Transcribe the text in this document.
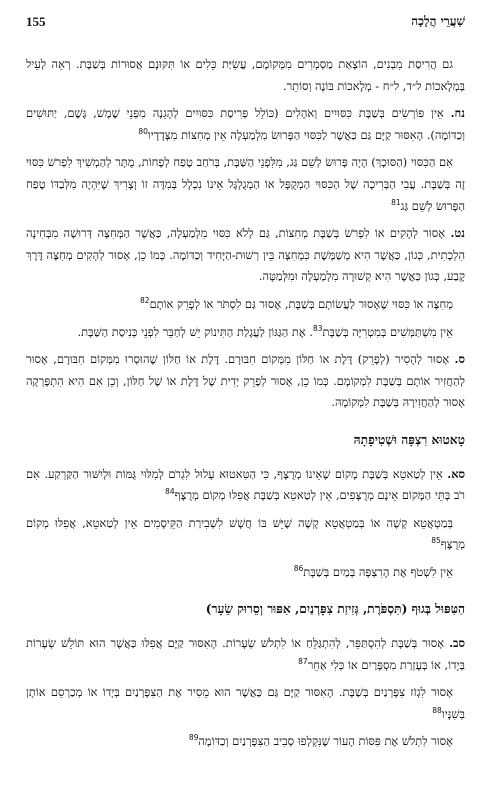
155	שַׁעֲרֵי הֲלָכָה

גם הֲרִיסַת מִבְנִים, הוֹצָאַת מַסְמְרִים מִמְּקוֹמָם, עֲשִׂיַּת כֵּלִים אוֹ תִּקּוּנָם אֲסוּרוֹת בְּשַׁבָּת. רְאֵה לְעֵיל בְּמְלָאכוֹת ל״ד, ל״ח - מְלָאכוֹת בּוֹנֶה וְסוֹתֵר.

נח. אֵין פּוֹרְשִׂים בְּשַׁבָּת כִּסּוּיִים וְאֹהָלִים (כּוֹלֵל פְּרִיסַת כִּסּוּיִים לְהָגֵנָה מִפְּנֵי שֶׁמֶשׁ, גֶּשֶׁם, יַתּוּשִׁים וְכַדּוֹמֶה). הָאִסּוּר קַיָּם גַּם כַּאֲשֶׁר לַכִּסּוּי הַפָּרוּשׂ מִלְמַעְלָה אֵין מְחִצּוֹת מִצְּדָדָיו$^{80}$

אִם הַכִּסּוּי (הַסּוּכָךְ) הָיָה פָּרוּשׂ לְשֵׁם גַּג, מִלִּפְנֵי הַשַּׁבָּת, בְּרֹחַב טֶפַח לְפָחוֹת, מֻתָּר לְהַמְשִׁיךְ לִפְרֹשׂ כִּסּוּי זֶה בְּשַׁבָּת. עֲבִי הַבְּרִיכָה שֶׁל הַכִּסּוּי הַמְקֻפָּל אוֹ הַמְגֻלְגָּל אֵינוֹ נִכְלָל בְּמִדָּה זוֹ וְצָרִיךְ שֶׁיִּהְיֶה מִלְּבַדּוֹ טֶפַח הַפָּרוּשׂ לְשֵׁם גַּג$^{81}$

נט. אָסוּר לְהָקִים אוֹ לִפְרֹשׂ בְּשַׁבָּת מְחִצּוֹת, גַּם לְלֹא כִּסּוּי מִלְמַעְלָה, כַּאֲשֶׁר הַמְּחִצָּה דְּרוּשָׁה מִבְּחִינָה הִלְכָתִית, כְּגוֹן, כַּאֲשֶׁר הִיא מְשַׁמֶּשֶׁת כִּמְחִצָּה בֵּין רְשׁוּת-הַיָּחִיד וְכַדּוֹמֶה. כְּמוֹ כֵן, אָסוּר לְהָקִים מְחִצָּה דֶּרֶךְ קֶבַע, כְּגוֹן כַּאֲשֶׁר הִיא קְשׁוּרָה מִלְמַעְלָה וּמִלְּמַטָּה.

מְחִצָּה אוֹ כִּסּוּי שֶׁאָסוּר לַעֲשׂוֹתָם בְּשַׁבָּת, אָסוּר גַּם לִסְתֹּר אוֹ לְפָרֵק אוֹתָם$^{82}$

אֵין מִשְׁתַּמְּשִׁים בְּמִטְרִיָּה בְּשַׁבָּת$^{83}$. אֶת הַגַּגּוֹן לַעֲגָלַת הַתִּינוֹק יֵשׁ לְחַבֵּר לִפְנֵי כְּנִיסַת הַשַּׁבָּת.

ס. אָסוּר לְהָסִיר (לְפָרֵק) דֶּלֶת אוֹ חַלּוֹן מִמְּקוֹם חִבּוּרָם. דֶּלֶת אוֹ חַלּוֹן שֶׁהוּסְרוּ מִמְּקוֹם חִבּוּרָם, אָסוּר לְהַחֲזִיר אוֹתָם בְּשַׁבָּת לִמְקוֹמָם. כְּמוֹ כֵן, אָסוּר לְפָרֵק יְדִית שֶׁל דֶּלֶת אוֹ שֶׁל חַלּוֹן, וְכֵן אִם הִיא הִתְפָּרְקָה אָסוּר לְהַחֲזִירָהּ בְּשַׁבָּת לִמְקוֹמָהּ.

טָאטוּא רִצְפָּה וּשְׁטִיפָתָהּ

סא. אֵין לְטַאטֵא בְּשַׁבָּת מָקוֹם שֶׁאֵינוֹ מְרֻצָּף, כִּי הַטִּאטוּא עָלוּל לִגְרֹם לְמִלּוּי גֻּמּוֹת וּלְיִשּׁוּר הַקַּרְקַע. אִם רֹב בָּתֵּי הַמָּקוֹם אֵינָם מְרֻצָּפִים, אֵין לְטַאטֵא בְּשַׁבָּת אֲפִלּוּ מְקוֹם מְרֻצָּף$^{84}$

בְּמַטְאֲטֵא קָשֶׁה אוֹ בְּמַטְאֲטֵא קָשֶׁה שֶׁיֵּשׁ בּוֹ חֲשָׁשׁ לִשְׁבִירַת הַקֵּיסָמִים אֵין לְטַאטֵא, אֲפִלּוּ מְקוֹם מְרֻצָּף$^{85}$

אֵין לִשְׁטֹף אֶת הָרִצְפָּה בְּמַיִם בְּשַׁבָּת$^{86}$

הַטִּפּוּל בְּגוּף (תִּסְפֹּרֶת, גְּזִיזַת צִפָּרְנַיִם, אִפּוּר וְסֵרוּק שֵׂעָר)

סב. אָסוּר בְּשַׁבָּת לְהִסְתַּפֵּר, לְהִתְגַּלֵּחַ אוֹ לִתְלֹשׁ שְׂעָרוֹת. הָאִסּוּר קַיָּם אֲפִלּוּ כַּאֲשֶׁר הוּא תּוֹלֵשׁ שְׂעָרוֹת בְּיָדוֹ, אוֹ בְּעֶזְרַת מִסְפָּרַיִם אוֹ כְּלִי אַחֵר$^{87}$

אָסוּר לִגְזֹז צִפָּרְנַיִם בְּשַׁבָּת. הָאִסּוּר קַיָּם גַּם כַּאֲשֶׁר הוּא מֵסִיר אֶת הַצִּפָּרְנַיִם בְּיָדוֹ אוֹ מְכַרְסֵם אוֹתָן בְּשִׁנָּיו$^{88}$

אָסוּר לִתְלֹשׁ אֶת פִּסּוֹת הָעוֹר שֶׁנִּקְלְפוּ סְבִיב הַצִּפָּרְנַיִם וְכַדּוֹמֶה$^{89}$
